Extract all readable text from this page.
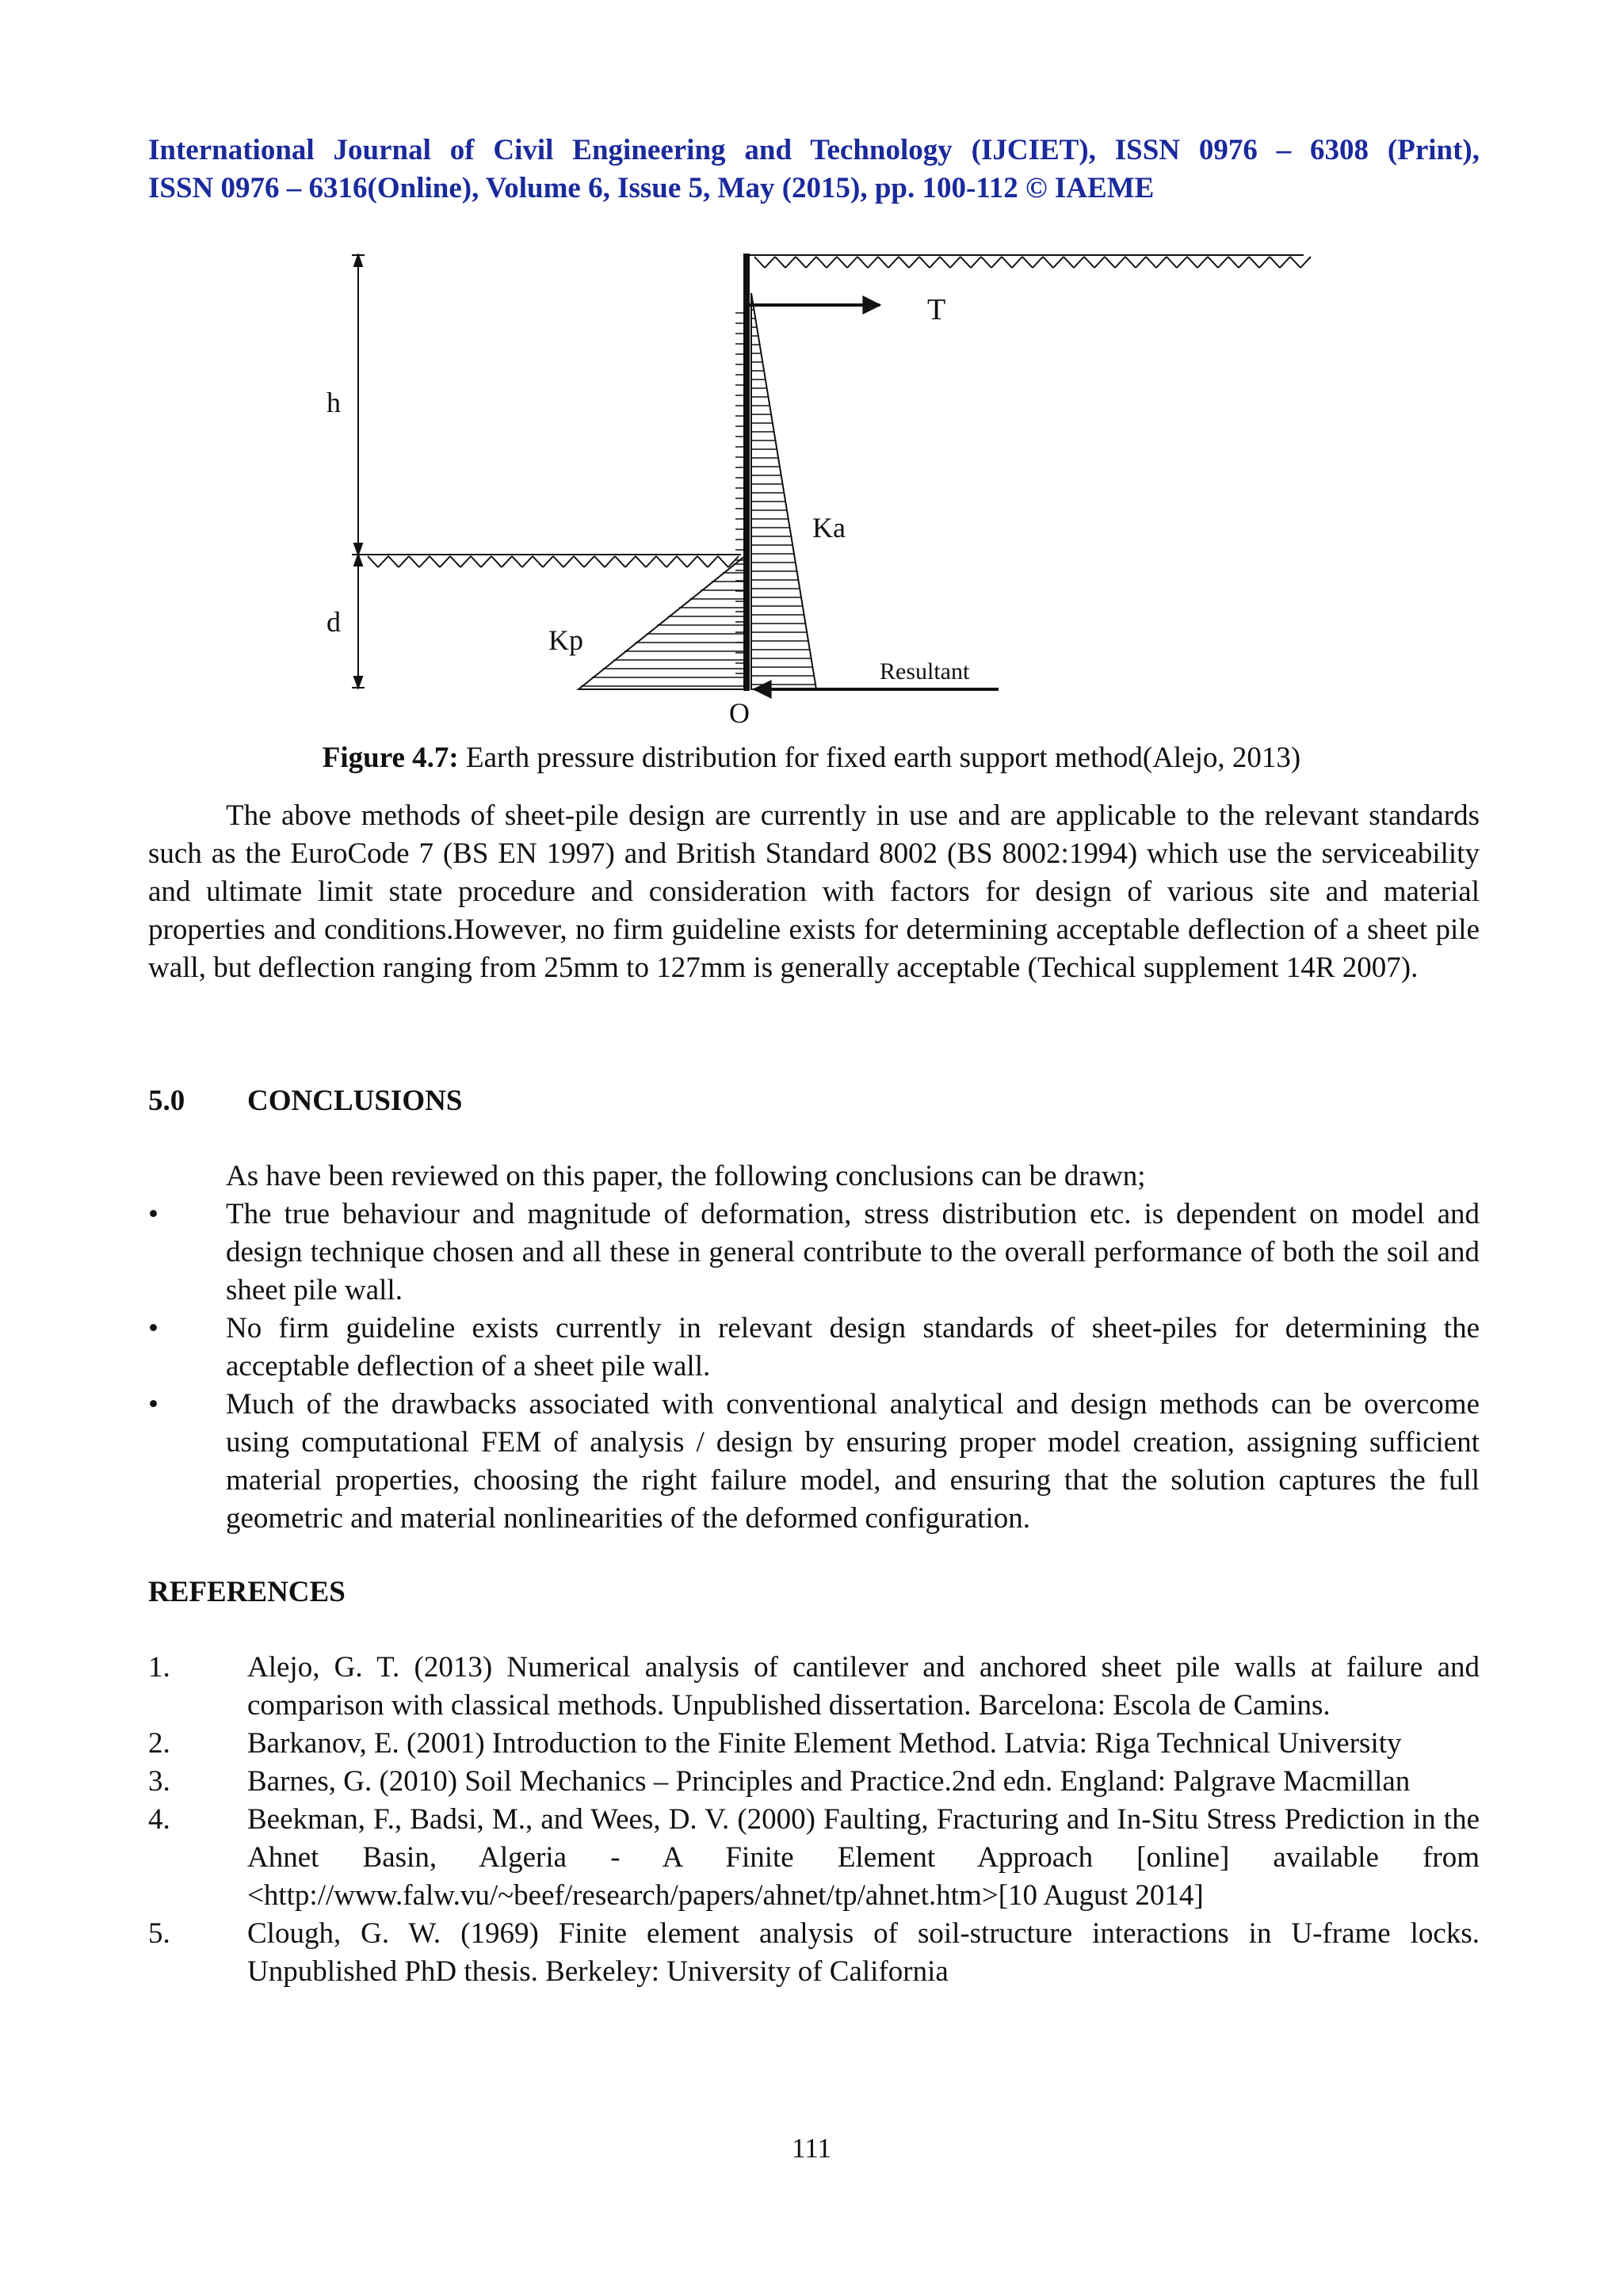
International Journal of Civil Engineering and Technology (IJCIET), ISSN 0976 – 6308 (Print),
ISSN 0976 – 6316(Online), Volume 6, Issue 5, May (2015), pp. 100-112 © IAEME
T
h
d
Ka
Kp
Resultant
O
Figure 4.7: Earth pressure distribution for fixed earth support method(Alejo, 2013)

The above methods of sheet-pile design are currently in use and are applicable to the relevant standards such as the EuroCode 7 (BS EN 1997) and British Standard 8002 (BS 8002:1994) which use the serviceability and ultimate limit state procedure and consideration with factors for design of various site and material properties and conditions.However, no firm guideline exists for determining acceptable deflection of a sheet pile wall, but deflection ranging from 25mm to 127mm is generally acceptable (Techical supplement 14R 2007).

5.0 CONCLUSIONS

As have been reviewed on this paper, the following conclusions can be drawn;

•	The true behaviour and magnitude of deformation, stress distribution etc. is dependent on model and design technique chosen and all these in general contribute to the overall performance of both the soil and sheet pile wall.
•	No firm guideline exists currently in relevant design standards of sheet-piles for determining the acceptable deflection of a sheet pile wall.
•	Much of the drawbacks associated with conventional analytical and design methods can be overcome using computational FEM of analysis / design by ensuring proper model creation, assigning sufficient material properties, choosing the right failure model, and ensuring that the solution captures the full geometric and material nonlinearities of the deformed configuration.
REFERENCES
1.	Alejo, G. T. (2013) Numerical analysis of cantilever and anchored sheet pile walls at failure and comparison with classical methods. Unpublished dissertation. Barcelona: Escola de Camins.
2.	Barkanov, E. (2001) Introduction to the Finite Element Method. Latvia: Riga Technical University
3.	Barnes, G. (2010) Soil Mechanics – Principles and Practice.2nd edn. England: Palgrave Macmillan
4.	Beekman, F., Badsi, M., and Wees, D. V. (2000) Faulting, Fracturing and In-Situ Stress Prediction in the Ahnet Basin, Algeria - A Finite Element Approach [online] available from <http://www.falw.vu/~beef/research/papers/ahnet/tp/ahnet.htm>[10 August 2014]
5.	Clough, G. W. (1969) Finite element analysis of soil-structure interactions in U-frame locks. Unpublished PhD thesis. Berkeley: University of California
111
